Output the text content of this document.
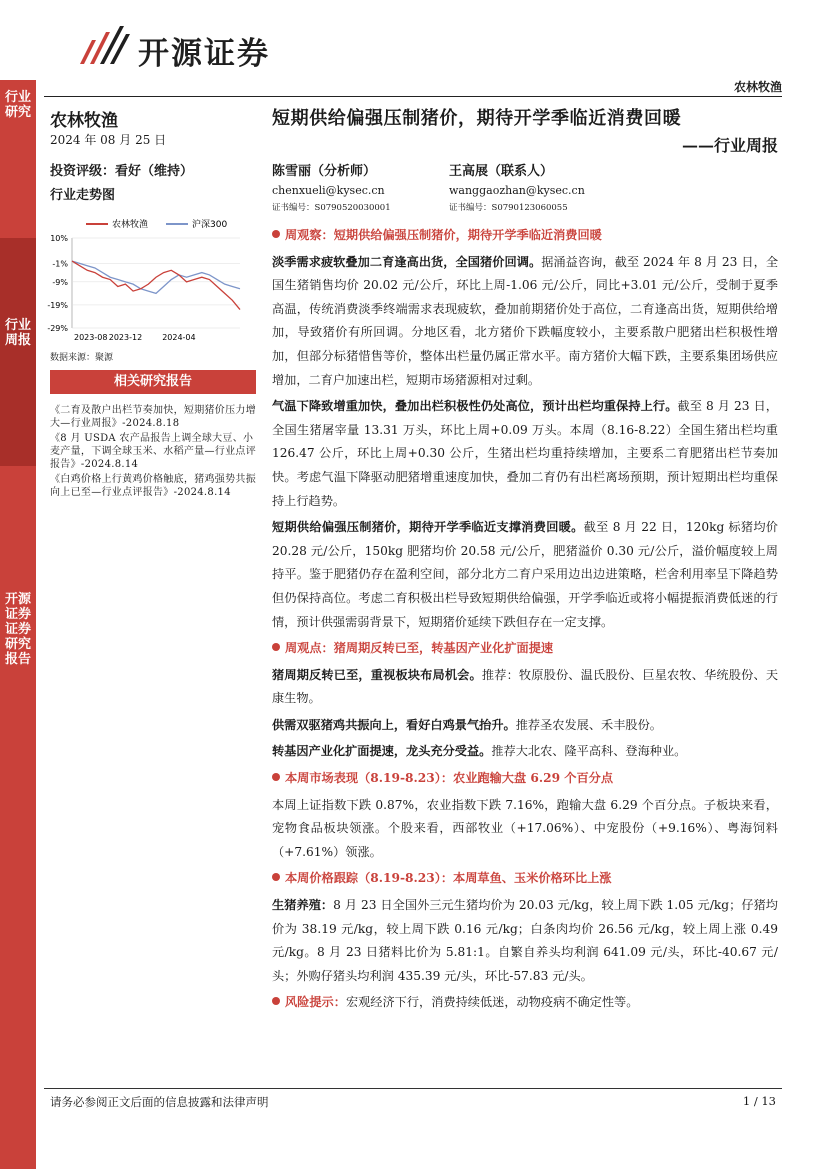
开源证券
农林牧渔
行业研究
行业周报
开源证券 证券研究报告
农林牧渔
2024 年 08 月 25 日
投资评级：看好（维持）
行业走势图
农林牧渔	沪深300
10%
-1%
-9%
-19%
-29%
2023-08 2023-12	2024-04
数据来源：聚源
相关研究报告
《二育及散户出栏节奏加快，短期猪价压力增大—行业周报》-2024.8.18
《8 月 USDA 农产品报告上调全球大豆、小麦产量，下调全球玉米、水稻产量—行业点评报告》-2024.8.14
《白鸡价格上行黄鸡价格触底，猪鸡强势共振向上已至—行业点评报告》-2024.8.14
短期供给偏强压制猪价，期待开学季临近消费回暖
——行业周报
陈雪丽（分析师）
chenxueli@kysec.cn
证书编号：S0790520030001
王高展（联系人）
wanggaozhan@kysec.cn
证书编号：S0790123060055
周观察：短期供给偏强压制猪价，期待开学季临近消费回暖
淡季需求疲软叠加二育逢高出货，全国猪价回调。据涌益咨询，截至 2024 年 8 月 23 日，全国生猪销售均价 20.02 元/公斤，环比上周-1.06 元/公斤，同比+3.01 元/公斤，受制于夏季高温，传统消费淡季终端需求表现疲软，叠加前期猪价处于高位，二育逢高出货，短期供给增加，导致猪价有所回调。分地区看，北方猪价下跌幅度较小，主要系散户肥猪出栏积极性增加，但部分标猪惜售等价，整体出栏量仍属正常水平。南方猪价大幅下跌，主要系集团场供应增加，二育户加速出栏，短期市场猪源相对过剩。
气温下降致增重加快，叠加出栏积极性仍处高位，预计出栏均重保持上行。截至 8 月 23 日，全国生猪屠宰量 13.31 万头，环比上周+0.09 万头。本周（8.16-8.22）全国生猪出栏均重 126.47 公斤，环比上周+0.30 公斤，生猪出栏均重持续增加，主要系二育肥猪出栏节奏加快。考虑气温下降驱动肥猪增重速度加快，叠加二育仍有出栏离场预期，预计短期出栏均重保持上行趋势。
短期供给偏强压制猪价，期待开学季临近支撑消费回暖。截至 8 月 22 日，120kg 标猪均价 20.28 元/公斤，150kg 肥猪均价 20.58 元/公斤，肥猪溢价 0.30 元/公斤，溢价幅度较上周持平。鉴于肥猪仍存在盈利空间，部分北方二育户采用边出边进策略，栏舍利用率呈下降趋势但仍保持高位。考虑二育积极出栏导致短期供给偏强，开学季临近或将小幅提振消费低迷的行情，预计供强需弱背景下，短期猪价延续下跌但存在一定支撑。
周观点：猪周期反转已至，转基因产业化扩面提速
猪周期反转已至，重视板块布局机会。推荐：牧原股份、温氏股份、巨星农牧、华统股份、天康生物。
供需双驱猪鸡共振向上，看好白鸡景气抬升。推荐圣农发展、禾丰股份。
转基因产业化扩面提速，龙头充分受益。推荐大北农、隆平高科、登海种业。
本周市场表现（8.19-8.23）：农业跑输大盘 6.29 个百分点
本周上证指数下跌 0.87%，农业指数下跌 7.16%，跑输大盘 6.29 个百分点。子板块来看，宠物食品板块领涨。个股来看，西部牧业（+17.06%）、中宠股份（+9.16%）、粤海饲料（+7.61%）领涨。
本周价格跟踪（8.19-8.23）：本周草鱼、玉米价格环比上涨
生猪养殖：8 月 23 日全国外三元生猪均价为 20.03 元/kg，较上周下跌 1.05 元/kg；仔猪均价为 38.19 元/kg，较上周下跌 0.16 元/kg；白条肉均价 26.56 元/kg，较上周上涨 0.49 元/kg。8 月 23 日猪料比价为 5.81:1。自繁自养头均利润 641.09 元/头，环比-40.67 元/头；外购仔猪头均利润 435.39 元/头，环比-57.83 元/头。
风险提示：宏观经济下行，消费持续低迷，动物疫病不确定性等。
请务必参阅正文后面的信息披露和法律声明	1 / 13
